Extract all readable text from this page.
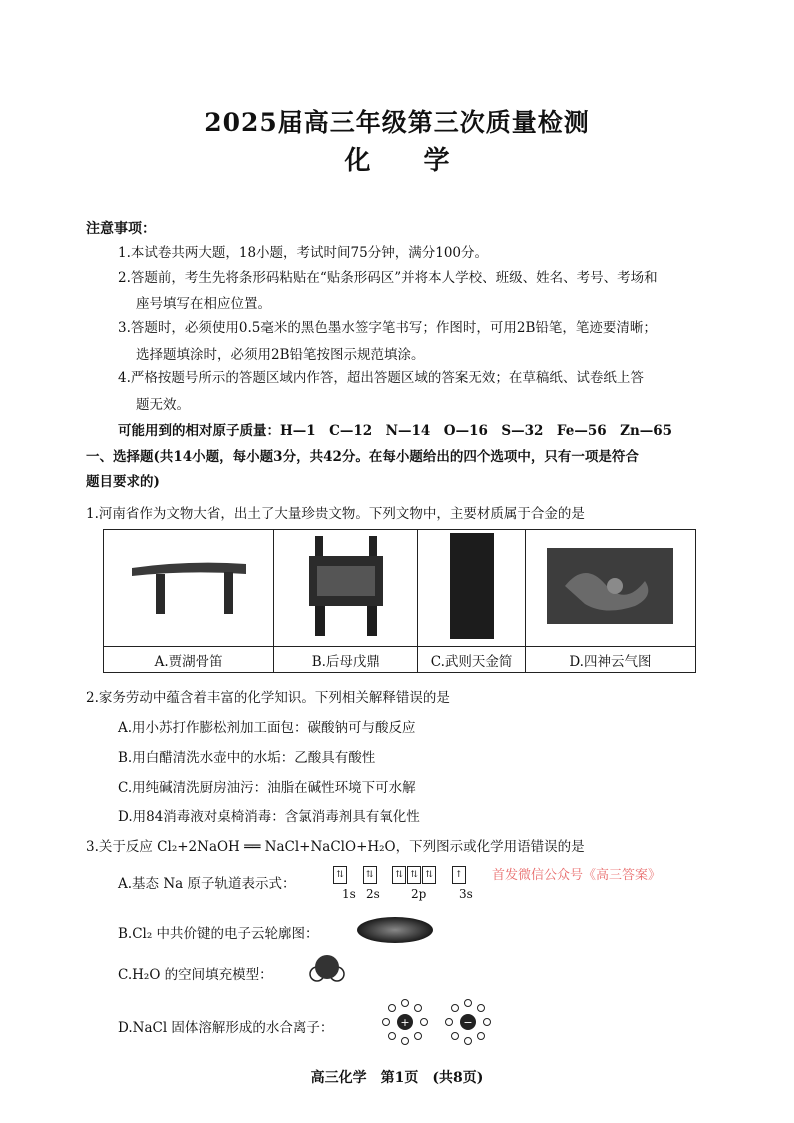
2025届高三年级第三次质量检测
化 学
注意事项：
1.本试卷共两大题，18小题，考试时间75分钟，满分100分。
2.答题前，考生先将条形码粘贴在“贴条形码区”并将本人学校、班级、姓名、考号、考场和
座号填写在相应位置。
3.答题时，必须使用0.5毫米的黑色墨水签字笔书写；作图时，可用2B铅笔，笔迹要清晰；
选择题填涂时，必须用2B铅笔按图示规范填涂。
4.严格按题号所示的答题区域内作答，超出答题区域的答案无效；在草稿纸、试卷纸上答
题无效。
可能用到的相对原子质量：H—1　C—12　N—14　O—16　S—32　Fe—56　Zn—65
一、选择题(共14小题，每小题3分，共42分。在每小题给出的四个选项中，只有一项是符合
题目要求的)
1.河南省作为文物大省，出土了大量珍贵文物。下列文物中，主要材质属于合金的是

A.贾湖骨笛	B.后母戊鼎	C.武则天金简	D.四神云气图
2.家务劳动中蕴含着丰富的化学知识。下列相关解释错误的是
A.用小苏打作膨松剂加工面包：碳酸钠可与酸反应
B.用白醋清洗水壶中的水垢：乙酸具有酸性
C.用纯碱清洗厨房油污：油脂在碱性环境下可水解
D.用84消毒液对桌椅消毒：含氯消毒剂具有氧化性
3.关于反应 Cl₂+2NaOH ══ NaCl+NaClO+H₂O，下列图示或化学用语错误的是
A.基态 Na 原子轨道表示式：
⇅ ⇅ ⇅ ⇅ ⇅ ↑
1s 2s	2p	3s
首发微信公众号《高三答案》
B.Cl₂ 中共价键的电子云轮廓图：
C.H₂O 的空间填充模型：
D.NaCl 固体溶解形成的水合离子：	+	−
高三化学　第1页　(共8页)
